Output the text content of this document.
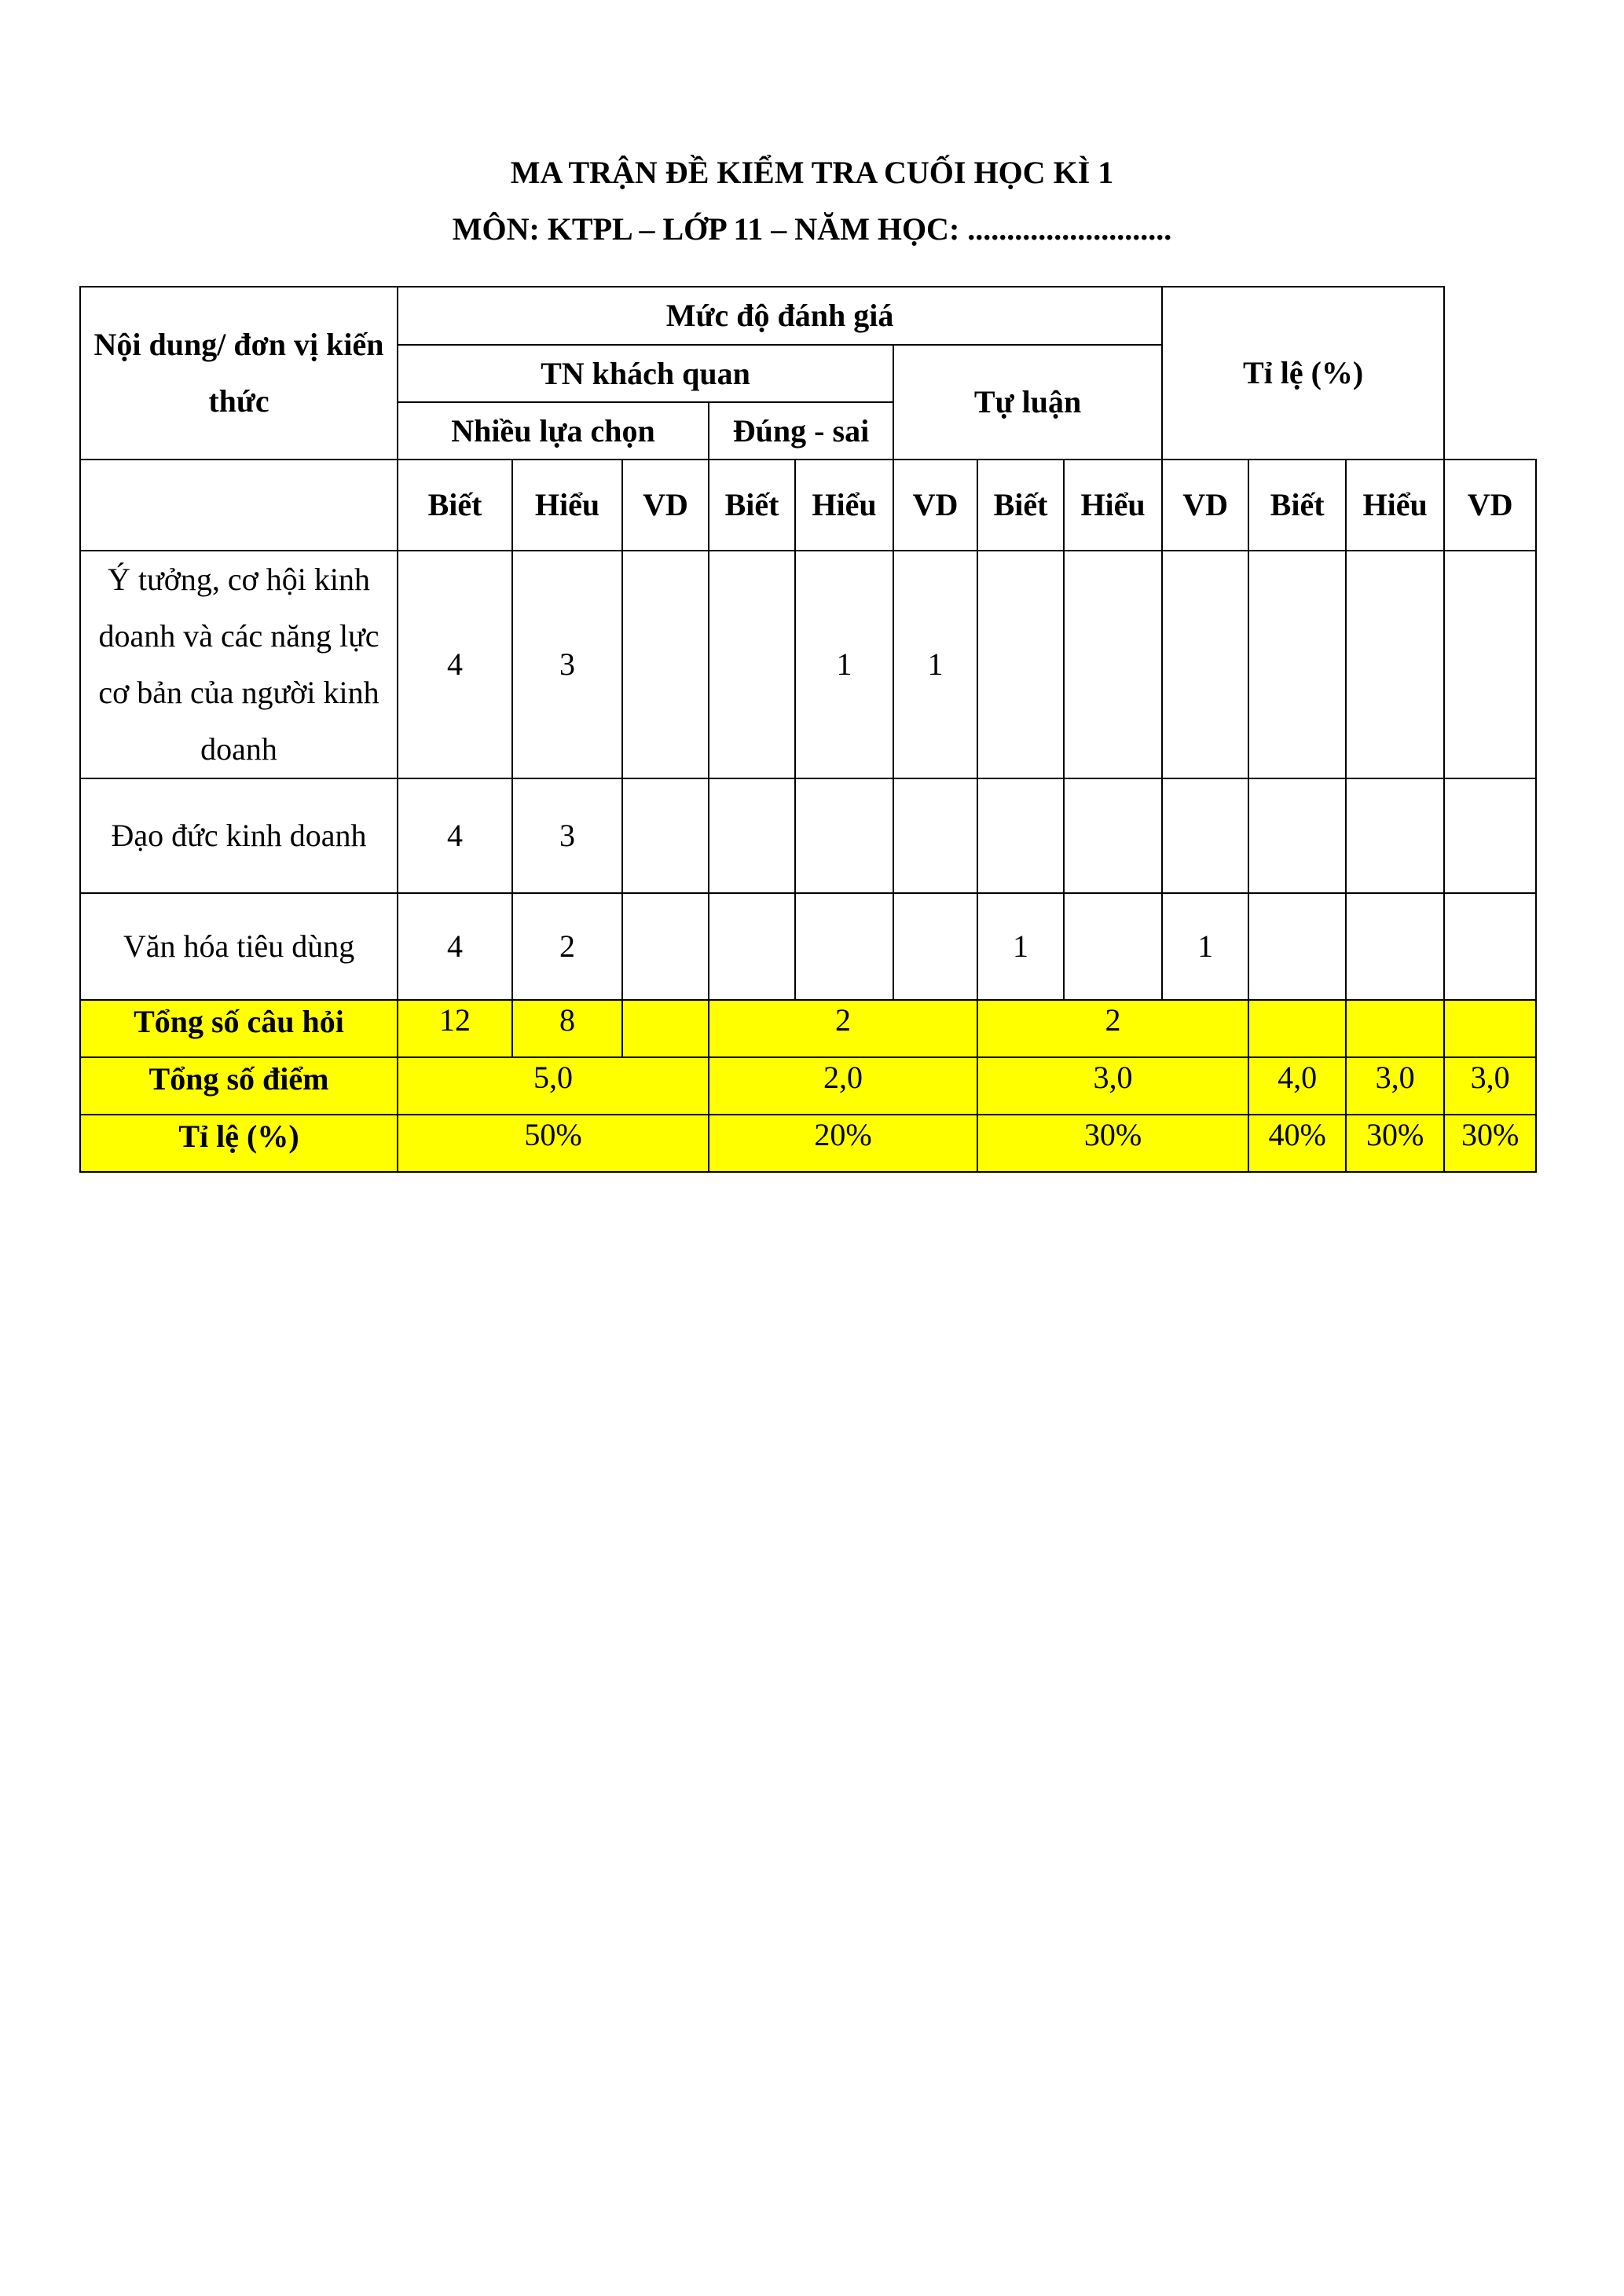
MA TRẬN ĐỀ KIỂM TRA CUỐI HỌC KÌ 1
MÔN: KTPL – LỚP 11 – NĂM HỌC: ..........................
Nội dung/ đơn vị kiến thức	Mức độ đánh giá								Tỉ lệ (%)			
	TN khách quan					Tự luận						
	Nhiều lựa chọn			Đúng - sai								
	Biết	Hiểu	VD	Biết	Hiểu	VD	Biết	Hiểu	VD	Biết	Hiểu	VD
Ý tưởng, cơ hội kinh doanh và các năng lực cơ bản của người kinh doanh	4	3			1	1						
Đạo đức kinh doanh	4	3										
Văn hóa tiêu dùng	4	2					1		1			
Tổng số câu hỏi	12	8		2			2					
Tổng số điểm	5,0			2,0			3,0			4,0	3,0	3,0
Tỉ lệ (%)	50%			20%			30%			40%	30%	30%
